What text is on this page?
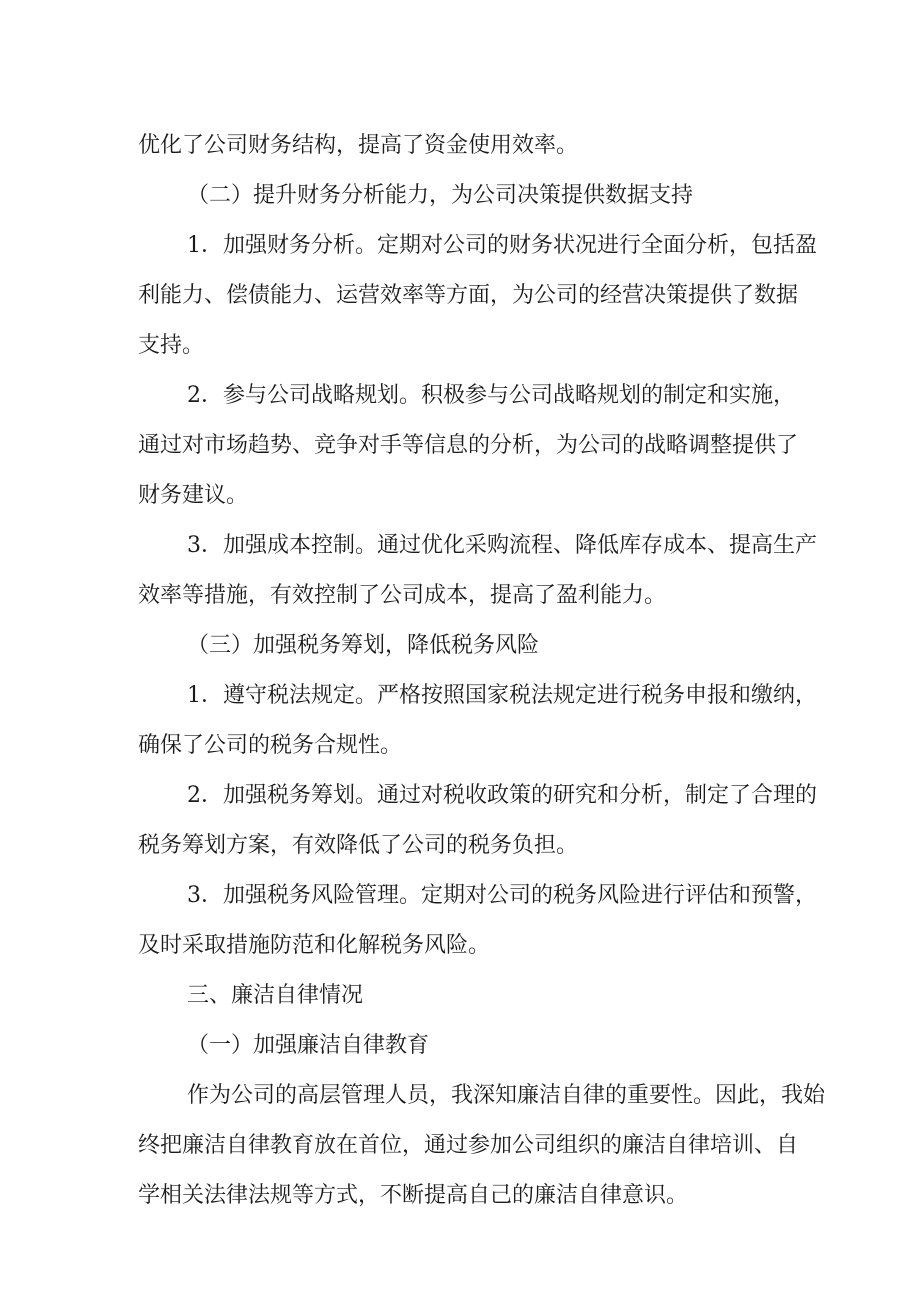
优化了公司财务结构，提高了资金使用效率。
（二）提升财务分析能力，为公司决策提供数据支持
1．加强财务分析。定期对公司的财务状况进行全面分析，包括盈
利能力、偿债能力、运营效率等方面，为公司的经营决策提供了数据
支持。
2．参与公司战略规划。积极参与公司战略规划的制定和实施，
通过对市场趋势、竞争对手等信息的分析，为公司的战略调整提供了
财务建议。
3．加强成本控制。通过优化采购流程、降低库存成本、提高生产
效率等措施，有效控制了公司成本，提高了盈利能力。
（三）加强税务筹划，降低税务风险
1．遵守税法规定。严格按照国家税法规定进行税务申报和缴纳，
确保了公司的税务合规性。
2．加强税务筹划。通过对税收政策的研究和分析，制定了合理的
税务筹划方案，有效降低了公司的税务负担。
3．加强税务风险管理。定期对公司的税务风险进行评估和预警，
及时采取措施防范和化解税务风险。
三、廉洁自律情况
（一）加强廉洁自律教育
作为公司的高层管理人员，我深知廉洁自律的重要性。因此，我始
终把廉洁自律教育放在首位，通过参加公司组织的廉洁自律培训、自
学相关法律法规等方式，不断提高自己的廉洁自律意识。
